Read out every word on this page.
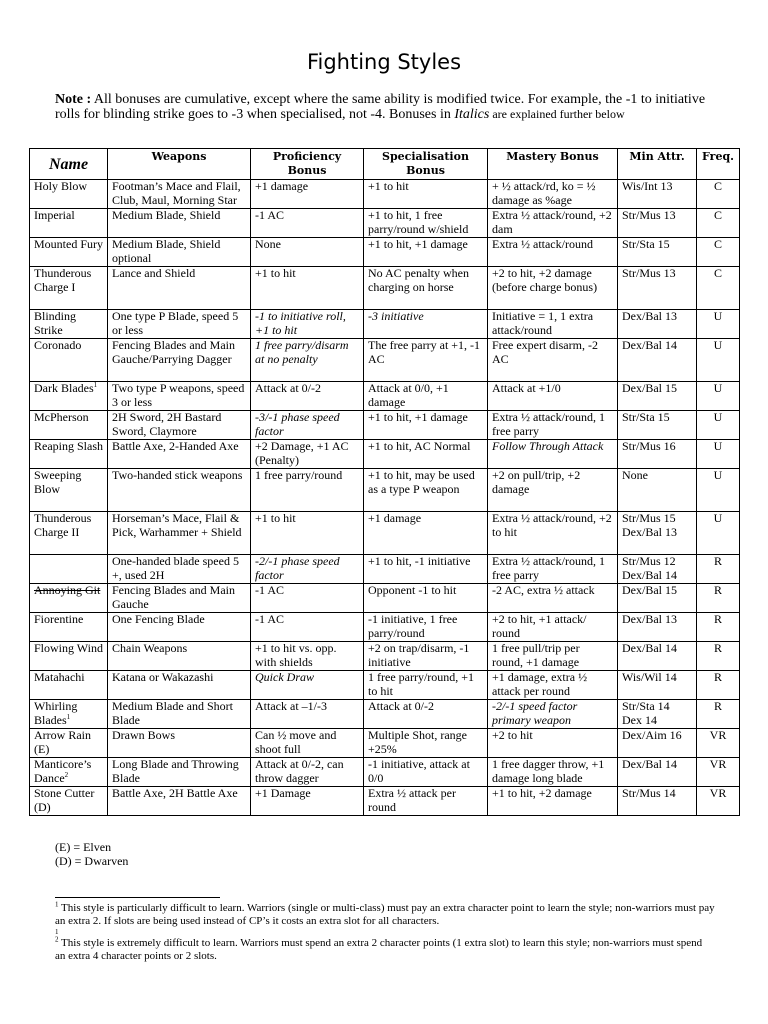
Fighting Styles
Note : All bonuses are cumulative, except where the same ability is modified twice. For example, the -1 to initiative rolls for blinding strike goes to -3 when specialised, not -4. Bonuses in Italics are explained further below
Name	Weapons	Proficiency Bonus	Specialisation Bonus	Mastery Bonus	Min Attr.	Freq.
Holy Blow	Footman’s Mace and Flail, Club, Maul, Morning Star	+1 damage	+1 to hit	+ ½ attack/rd, ko = ½ damage as %age	Wis/Int 13	C
Imperial	Medium Blade, Shield	-1 AC	+1 to hit, 1 free parry/round w/shield	Extra ½ attack/round, +2 dam	Str/Mus 13	C
Mounted Fury	Medium Blade, Shield optional	None	+1 to hit, +1 damage	Extra ½ attack/round	Str/Sta 15	C
Thunderous Charge I	Lance and Shield	+1 to hit	No AC penalty when charging on horse	+2 to hit, +2 damage (before charge bonus)	Str/Mus 13	C
Blinding Strike	One type P Blade, speed 5 or less	-1 to initiative roll, +1 to hit	-3 initiative	Initiative = 1, 1 extra attack/round	Dex/Bal 13	U
Coronado	Fencing Blades and Main Gauche/Parrying Dagger	1 free parry/disarm at no penalty	The free parry at +1, -1 AC	Free expert disarm, -2 AC	Dex/Bal 14	U
Dark Blades$^1$	Two type P weapons, speed 3 or less	Attack at 0/-2	Attack at 0/0, +1 damage	Attack at +1/0	Dex/Bal 15	U
McPherson	2H Sword, 2H Bastard Sword, Claymore	-3/-1 phase speed factor	+1 to hit, +1 damage	Extra ½ attack/round, 1 free parry	Str/Sta 15	U
Reaping Slash	Battle Axe, 2-Handed Axe	+2 Damage, +1 AC (Penalty)	+1 to hit, AC Normal	Follow Through Attack	Str/Mus 16	U
Sweeping Blow	Two-handed stick weapons	1 free parry/round	+1 to hit, may be used as a type P weapon	+2 on pull/trip, +2 damage	None	U
Thunderous Charge II	Horseman’s Mace, Flail & Pick, Warhammer + Shield	+1 to hit	+1 damage	Extra ½ attack/round, +2 to hit	Str/Mus 15 Dex/Bal 13	U
	One-handed blade speed 5 +, used 2H	-2/-1 phase speed factor	+1 to hit, -1 initiative	Extra ½ attack/round, 1 free parry	Str/Mus 12 Dex/Bal 14	R
Annoying Git	Fencing Blades and Main Gauche	-1 AC	Opponent -1 to hit	-2 AC, extra ½ attack	Dex/Bal 15	R
Fiorentine	One Fencing Blade	-1 AC	-1 initiative, 1 free parry/round	+2 to hit, +1 attack/ round	Dex/Bal 13	R
Flowing Wind	Chain Weapons	+1 to hit vs. opp. with shields	+2 on trap/disarm, -1 initiative	1 free pull/trip per round, +1 damage	Dex/Bal 14	R
Matahachi	Katana or Wakazashi	Quick Draw	1 free parry/round, +1 to hit	+1 damage, extra ½ attack per round	Wis/Wil 14	R
Whirling Blades$^1$	Medium Blade and Short Blade	Attack at –1/-3	Attack at 0/-2	-2/-1 speed factor primary weapon	Str/Sta 14 Dex 14	R
Arrow Rain (E)	Drawn Bows	Can ½ move and shoot full	Multiple Shot, range +25%	+2 to hit	Dex/Aim 16	VR
Manticore’s Dance$^2$	Long Blade and Throwing Blade	Attack at 0/-2, can throw dagger	-1 initiative, attack at 0/0	1 free dagger throw, +1 damage long blade	Dex/Bal 14	VR
Stone Cutter (D)	Battle Axe, 2H Battle Axe	+1 Damage	Extra ½ attack per round	+1 to hit, +2 damage	Str/Mus 14	VR
(E) = Elven
(D) = Dwarven

$^1$ This style is particularly difficult to learn. Warriors (single or multi-class) must pay an extra character point to learn the style; non-warriors must pay an extra 2. If slots are being used instead of CP’s it costs an extra slot for all characters.

1

$^2$ This style is extremely difficult to learn. Warriors must spend an extra 2 character points (1 extra slot) to learn this style; non-warriors must spend an extra 4 character points or 2 slots.
